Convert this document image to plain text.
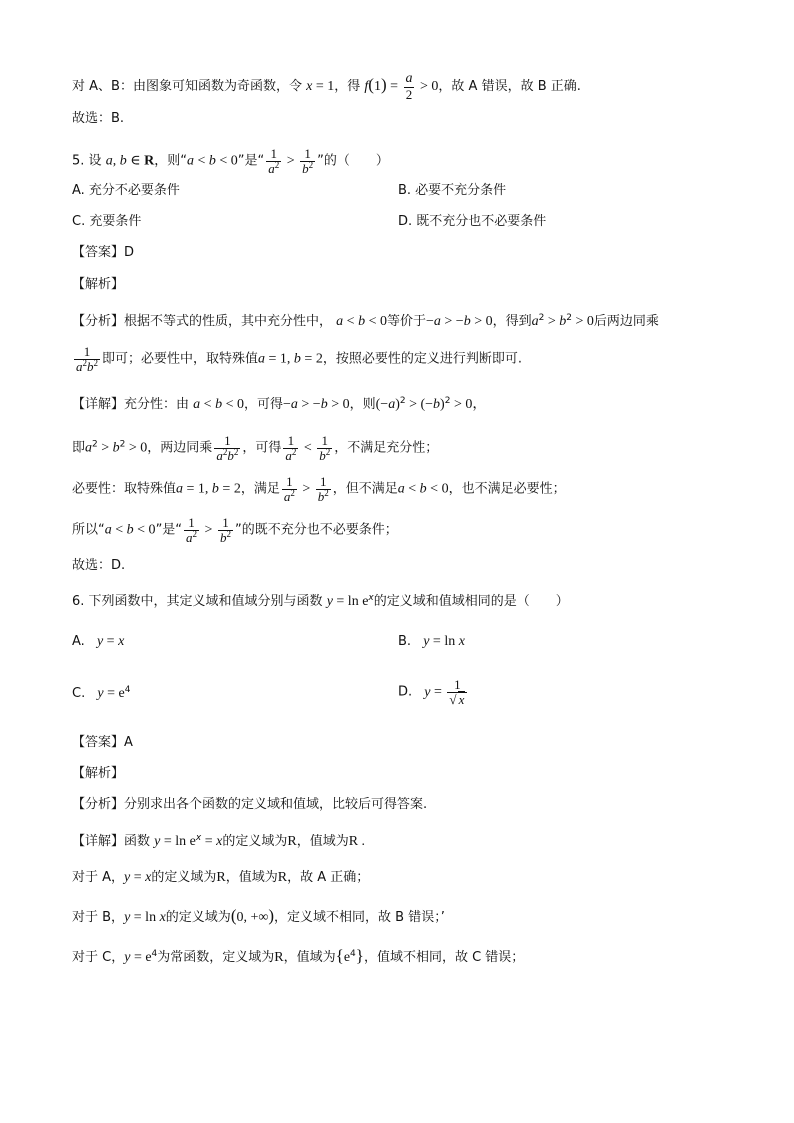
对 A、B：由图象可知函数为奇函数，令 x = 1，得 $f(1) = \frac{a}{2} > 0$，故 A 错误，故 B 正确.
故选：B.
5. 设 a, b ∈ R，则“a < b < 0”是“ $\frac{1}{a^2} > \frac{1}{b^2}$ ”的（　　）
A. 充分不必要条件	B. 必要不充分条件
C. 充要条件	D. 既不充分也不必要条件
【答案】D
【解析】
【分析】根据不等式的性质，其中充分性中， a < b < 0等价于−a > −b > 0，得到$a^2 > b^2 > 0$后两边同乘
$\frac{1}{a^2b^2}$ 即可；必要性中，取特殊值a = 1, b = 2，按照必要性的定义进行判断即可.
【详解】充分性：由 a < b < 0，可得−a > −b > 0，则$(-a)^2 > (-b)^2 > 0$，
即$a^2 > b^2 > 0$，两边同乘 $\frac{1}{a^2b^2}$ ，可得 $\frac{1}{a^2} < \frac{1}{b^2}$ ，不满足充分性；
必要性：取特殊值a = 1, b = 2，满足 $\frac{1}{a^2} > \frac{1}{b^2}$ ，但不满足a < b < 0，也不满足必要性；
所以“a < b < 0”是“ $\frac{1}{a^2} > \frac{1}{b^2}$ ”的既不充分也不必要条件；
故选：D.
6. 下列函数中，其定义域和值域分别与函数 $y = \ln e^x$的定义域和值域相同的是（　　）
A. y = x	B. y = ln x
C. $y = e^4$	D. $y = \frac{1}{√ x}$
【答案】A
【解析】
【分析】分别求出各个函数的定义域和值域，比较后可得答案.
【详解】函数 $y = \ln e^x = x$的定义域为R，值域为R .
对于 A，y = x的定义域为R，值域为R，故 A 正确；
对于 B，y = ln x的定义域为(0, +∞)，定义域不相同，故 B 错误；’
对于 C，$y = e^4$为常函数，定义域为R，值域为$\{e^4\}$，值域不相同，故 C 错误；
